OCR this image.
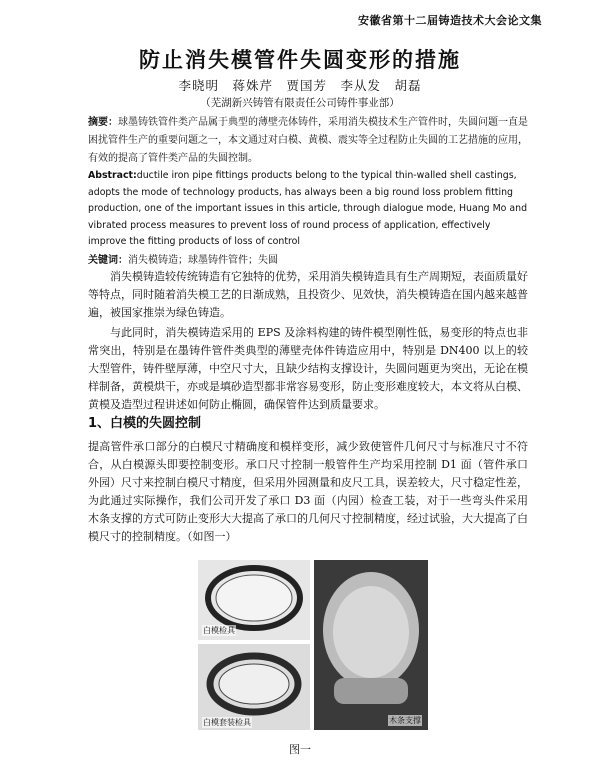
安徽省第十二届铸造技术大会论文集
防止消失模管件失圆变形的措施
李晓明　蒋姝芹　贾国芳　李从发　胡磊
（芜湖新兴铸管有限责任公司铸件事业部）

摘要：球墨铸铁管件类产品属于典型的薄壁壳体铸件，采用消失模技术生产管件时，失圆问题一直是困扰管件生产的重要问题之一，本文通过对白模、黄模、震实等全过程防止失圆的工艺措施的应用，有效的提高了管件类产品的失圆控制。

Abstract:ductile iron pipe fittings products belong to the typical thin-walled shell castings, adopts the mode of technology products, has always been a big round loss problem fitting production, one of the important issues in this article, through dialogue mode, Huang Mo and vibrated process measures to prevent loss of round process of application, effectively improve the fitting products of loss of control

关键词：消失模铸造；球墨铸件管件；失圆

消失模铸造较传统铸造有它独特的优势，采用消失模铸造具有生产周期短，表面质量好等特点，同时随着消失模工艺的日渐成熟，且投资少、见效快，消失模铸造在国内越来越普遍，被国家推崇为绿色铸造。

与此同时，消失模铸造采用的 EPS 及涂料构建的铸件模型刚性低，易变形的特点也非常突出，特别是在墨铸件管件类典型的薄壁壳体件铸造应用中，特别是 DN400 以上的较大型管件，铸件壁厚薄，中空尺寸大，且缺少结构支撑设计，失圆问题更为突出，无论在模样制备，黄模烘干，亦或是填砂造型都非常容易变形，防止变形难度较大，本文将从白模、黄模及造型过程讲述如何防止椭圆，确保管件达到质量要求。

1、白模的失圆控制

提高管件承口部分的白模尺寸精确度和模样变形，减少致使管件几何尺寸与标准尺寸不符合，从白模源头即要控制变形。承口尺寸控制一般管件生产均采用控制 D1 面（管件承口外园）尺寸来控制白模尺寸精度，但采用外园测量和皮尺工具，误差较大，尺寸稳定性差，为此通过实际操作，我们公司开发了承口 D3 面（内园）检查工装，对于一些弯头件采用木条支撑的方式可防止变形大大提高了承口的几何尺寸控制精度，经过试验，大大提高了白模尺寸的控制精度。（如图一）

白模检具
白模套装检具	木条支撑
图一
